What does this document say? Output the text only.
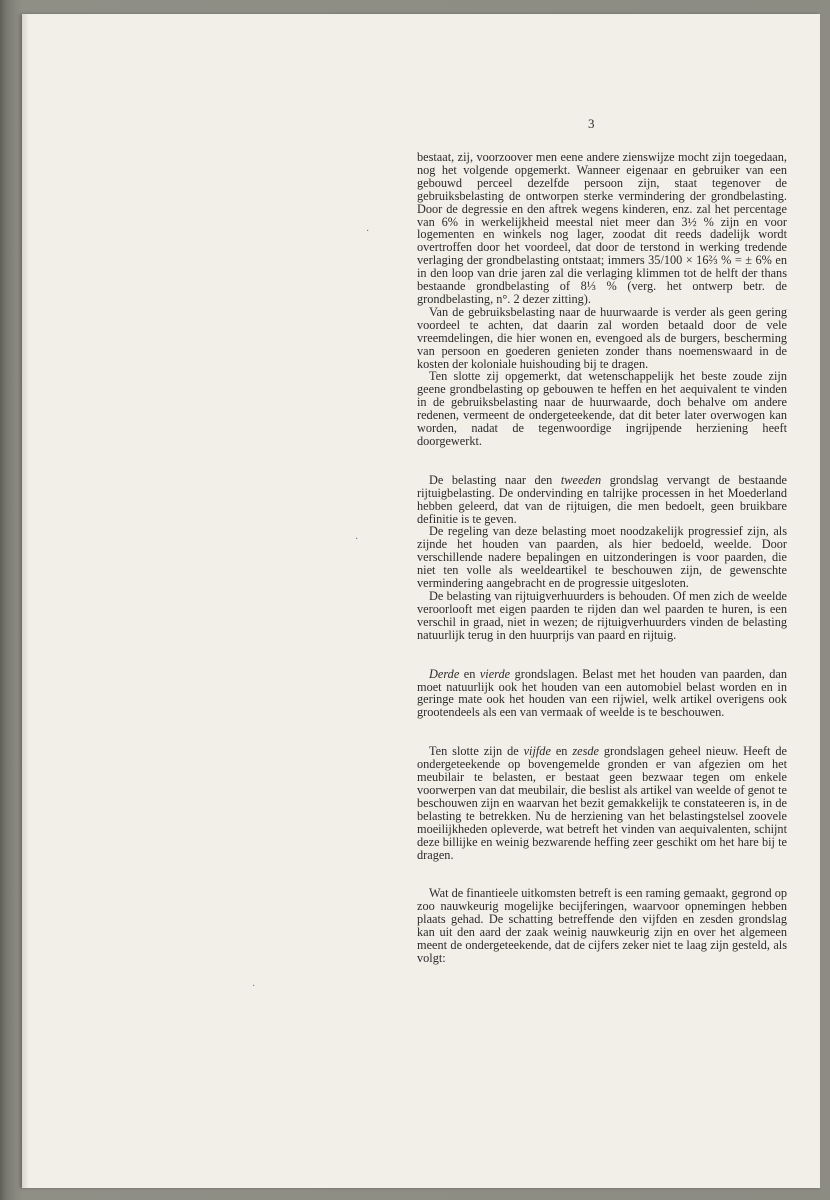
3

bestaat, zij, voorzoover men eene andere zienswijze mocht zijn toegedaan, nog het volgende opgemerkt. Wanneer eigenaar en gebruiker van een gebouwd perceel dezelfde persoon zijn, staat tegenover de gebruiksbelasting de ontworpen sterke vermindering der grondbelasting. Door de degressie en den aftrek wegens kinderen, enz. zal het percentage van 6% in werkelijkheid meestal niet meer dan 3½ % zijn en voor logementen en winkels nog lager, zoodat dit reeds dadelijk wordt overtroffen door het voordeel, dat door de terstond in werking tredende verlaging der grondbelasting ontstaat; immers 35/100 × 16⅔ % = ± 6% en in den loop van drie jaren zal die verlaging klimmen tot de helft der thans bestaande grondbelasting of 8⅓ % (verg. het ontwerp betr. de grondbelasting, n°. 2 dezer zitting).

Van de gebruiksbelasting naar de huurwaarde is verder als geen gering voordeel te achten, dat daarin zal worden betaald door de vele vreemdelingen, die hier wonen en, evengoed als de burgers, bescherming van persoon en goederen genieten zonder thans noemenswaard in de kosten der koloniale huishouding bij te dragen.

Ten slotte zij opgemerkt, dat wetenschappelijk het beste zoude zijn geene grondbelasting op gebouwen te heffen en het aequivalent te vinden in de gebruiksbelasting naar de huurwaarde, doch behalve om andere redenen, vermeent de ondergeteekende, dat dit beter later overwogen kan worden, nadat de tegenwoordige ingrijpende herziening heeft doorgewerkt.

De belasting naar den tweeden grondslag vervangt de bestaande rijtuigbelasting. De ondervinding en talrijke processen in het Moederland hebben geleerd, dat van de rijtuigen, die men bedoelt, geen bruikbare definitie is te geven.

De regeling van deze belasting moet noodzakelijk progressief zijn, als zijnde het houden van paarden, als hier bedoeld, weelde. Door verschillende nadere bepalingen en uitzonderingen is voor paarden, die niet ten volle als weeldeartikel te beschouwen zijn, de gewenschte vermindering aangebracht en de progressie uitgesloten.

De belasting van rijtuigverhuurders is behouden. Of men zich de weelde veroorlooft met eigen paarden te rijden dan wel paarden te huren, is een verschil in graad, niet in wezen; de rijtuigverhuurders vinden de belasting natuurlijk terug in den huurprijs van paard en rijtuig.

Derde en vierde grondslagen. Belast met het houden van paarden, dan moet natuurlijk ook het houden van een automobiel belast worden en in geringe mate ook het houden van een rijwiel, welk artikel overigens ook grootendeels als een van vermaak of weelde is te beschouwen.

Ten slotte zijn de vijfde en zesde grondslagen geheel nieuw. Heeft de ondergeteekende op bovengemelde gronden er van afgezien om het meubilair te belasten, er bestaat geen bezwaar tegen om enkele voorwerpen van dat meubilair, die beslist als artikel van weelde of genot te beschouwen zijn en waarvan het bezit gemakkelijk te constateeren is, in de belasting te betrekken. Nu de herziening van het belastingstelsel zoovele moeilijkheden opleverde, wat betreft het vinden van aequivalenten, schijnt deze billijke en weinig bezwarende heffing zeer geschikt om het hare bij te dragen.

Wat de finantieele uitkomsten betreft is een raming gemaakt, gegrond op zoo nauwkeurig mogelijke becijferingen, waarvoor opnemingen hebben plaats gehad. De schatting betreffende den vijfden en zesden grondslag kan uit den aard der zaak weinig nauwkeurig zijn en over het algemeen meent de ondergeteekende, dat de cijfers zeker niet te laag zijn gesteld, als volgt:

·
·
·
